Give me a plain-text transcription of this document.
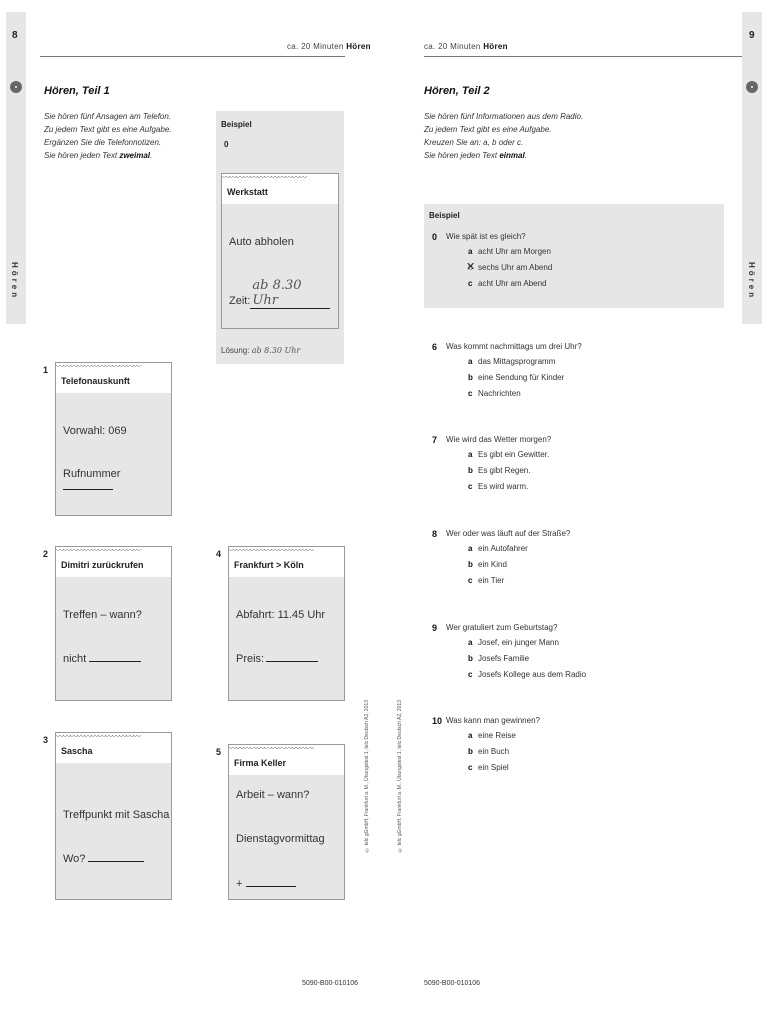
8
Hören
ca. 20 Minuten Hören
Hören, Teil 1
Sie hören fünf Ansagen am Telefon.
Zu jedem Text gibt es eine Aufgabe.
Ergänzen Sie die Telefonnotizen.
Sie hören jeden Text zweimal.
Beispiel
0
〰〰〰〰〰〰〰〰〰〰〰〰
Werkstatt
Auto abholen
Zeit:ab 8.30 Uhr
Lösung: ab 8.30 Uhr
1 〰〰〰〰〰〰〰〰〰〰〰〰
Telefonauskunft
Vorwahl: 069
Rufnummer
2 〰〰〰〰〰〰〰〰〰〰〰〰
Dimitri zurückrufen
Treffen – wann?
nicht
3 〰〰〰〰〰〰〰〰〰〰〰〰
Sascha
Treffpunkt mit Sascha
Wo?
4 〰〰〰〰〰〰〰〰〰〰〰〰
Frankfurt > Köln
Abfahrt: 11.45 Uhr
Preis:
5 〰〰〰〰〰〰〰〰〰〰〰〰
Firma Keller
Arbeit – wann?
Dienstagvormittag
+
© telc gGmbH, Frankfurt a. M., Übungstest 1, telc Deutsch A2, 2013
5090-B00-010106
© telc gGmbH, Frankfurt a. M., Übungstest 1, telc Deutsch A2, 2013
9
Hören
ca. 20 Minuten Hören
Hören, Teil 2
Sie hören fünf Informationen aus dem Radio.
Zu jedem Text gibt es eine Aufgabe.
Kreuzen Sie an: a, b oder c.
Sie hören jeden Text einmal.
Beispiel
0 Wie spät ist es gleich?
a acht Uhr am Morgen
b ✕ sechs Uhr am Abend
c acht Uhr am Abend
6 Was kommt nachmittags um drei Uhr?
a das Mittagsprogramm
b eine Sendung für Kinder
c Nachrichten
7 Wie wird das Wetter morgen?
a Es gibt ein Gewitter.
b Es gibt Regen.
c Es wird warm.
8 Wer oder was läuft auf der Straße?
a ein Autofahrer
b ein Kind
c ein Tier
9 Wer gratuliert zum Geburtstag?
a Josef, ein junger Mann
b Josefs Familie
c Josefs Kollege aus dem Radio
10 Was kann man gewinnen?
a eine Reise
b ein Buch
c ein Spiel
5090-B00-010106
